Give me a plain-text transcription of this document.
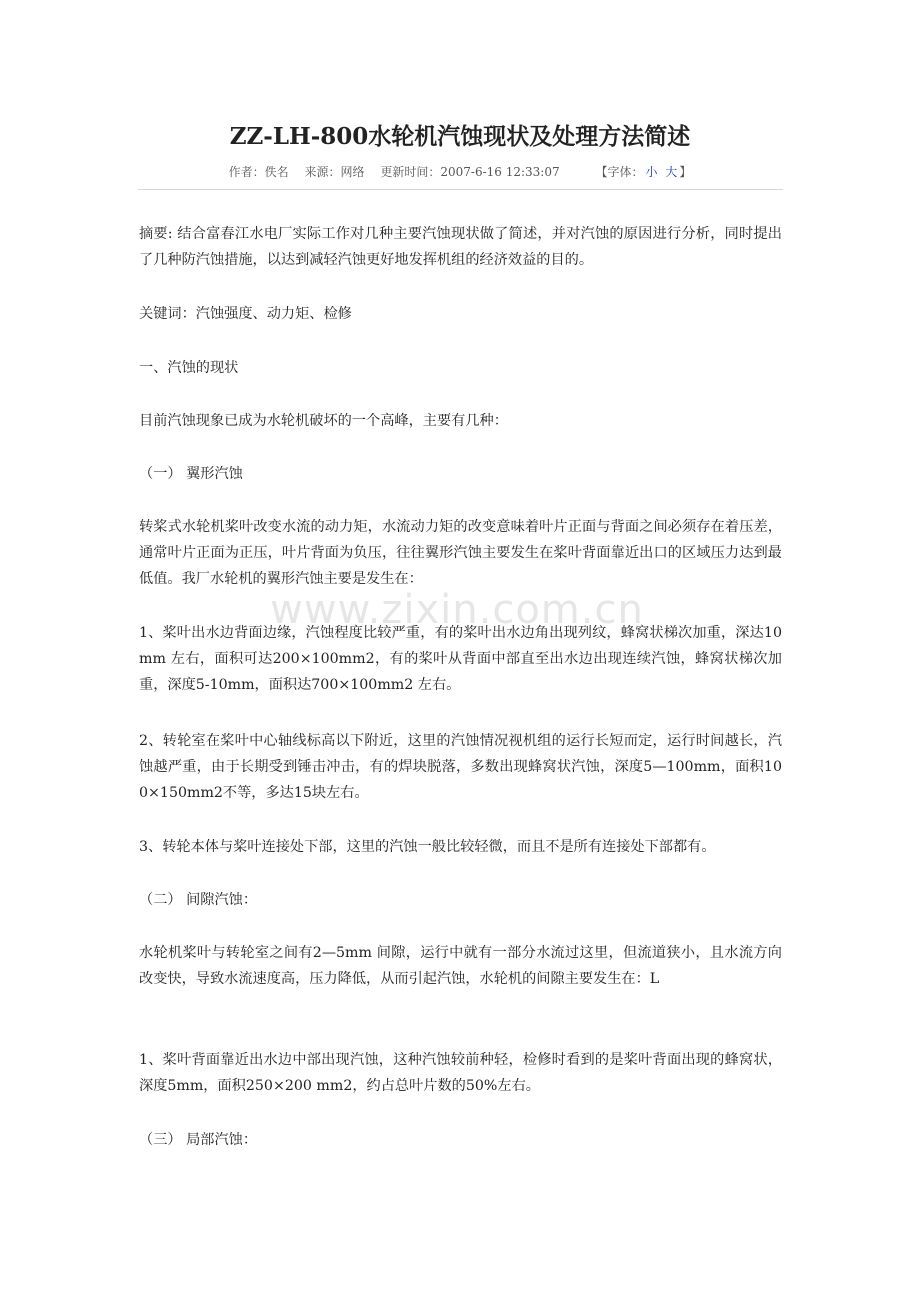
www.zixin.com.cn
ZZ-LH-800水轮机汽蚀现状及处理方法简述
作者：佚名 来源：网络 更新时间：2007-6-16 12:33:07	【字体： 小 大 】
摘要: 结合富春江水电厂实际工作对几种主要汽蚀现状做了简述，并对汽蚀的原因进行分析，同时提出了几种防汽蚀措施，以达到减轻汽蚀更好地发挥机组的经济效益的目的。
关键词：汽蚀强度、动力矩、检修
一、汽蚀的现状
目前汽蚀现象已成为水轮机破坏的一个高峰，主要有几种：
（一） 翼形汽蚀
转桨式水轮机桨叶改变水流的动力矩，水流动力矩的改变意味着叶片正面与背面之间必须存在着压差，通常叶片正面为正压，叶片背面为负压，往往翼形汽蚀主要发生在桨叶背面靠近出口的区域压力达到最低值。我厂水轮机的翼形汽蚀主要是发生在：
1、桨叶出水边背面边缘，汽蚀程度比较严重，有的桨叶出水边角出现列纹，蜂窝状梯次加重，深达10mm 左右，面积可达200×100mm2，有的桨叶从背面中部直至出水边出现连续汽蚀，蜂窝状梯次加重，深度5-10mm，面积达700×100mm2 左右。
2、转轮室在桨叶中心轴线标高以下附近，这里的汽蚀情况视机组的运行长短而定，运行时间越长，汽蚀越严重，由于长期受到锤击冲击，有的焊块脱落，多数出现蜂窝状汽蚀，深度5—100mm，面积100×150mm2不等，多达15块左右。
3、转轮本体与桨叶连接处下部，这里的汽蚀一般比较轻微，而且不是所有连接处下部都有。
（二） 间隙汽蚀：
水轮机桨叶与转轮室之间有2—5mm 间隙，运行中就有一部分水流过这里，但流道狭小，且水流方向改变快，导致水流速度高，压力降低，从而引起汽蚀，水轮机的间隙主要发生在：L
1、桨叶背面靠近出水边中部出现汽蚀，这种汽蚀较前种轻，检修时看到的是桨叶背面出现的蜂窝状，深度5mm，面积250×200 mm2，约占总叶片数的50%左右。
（三） 局部汽蚀：
